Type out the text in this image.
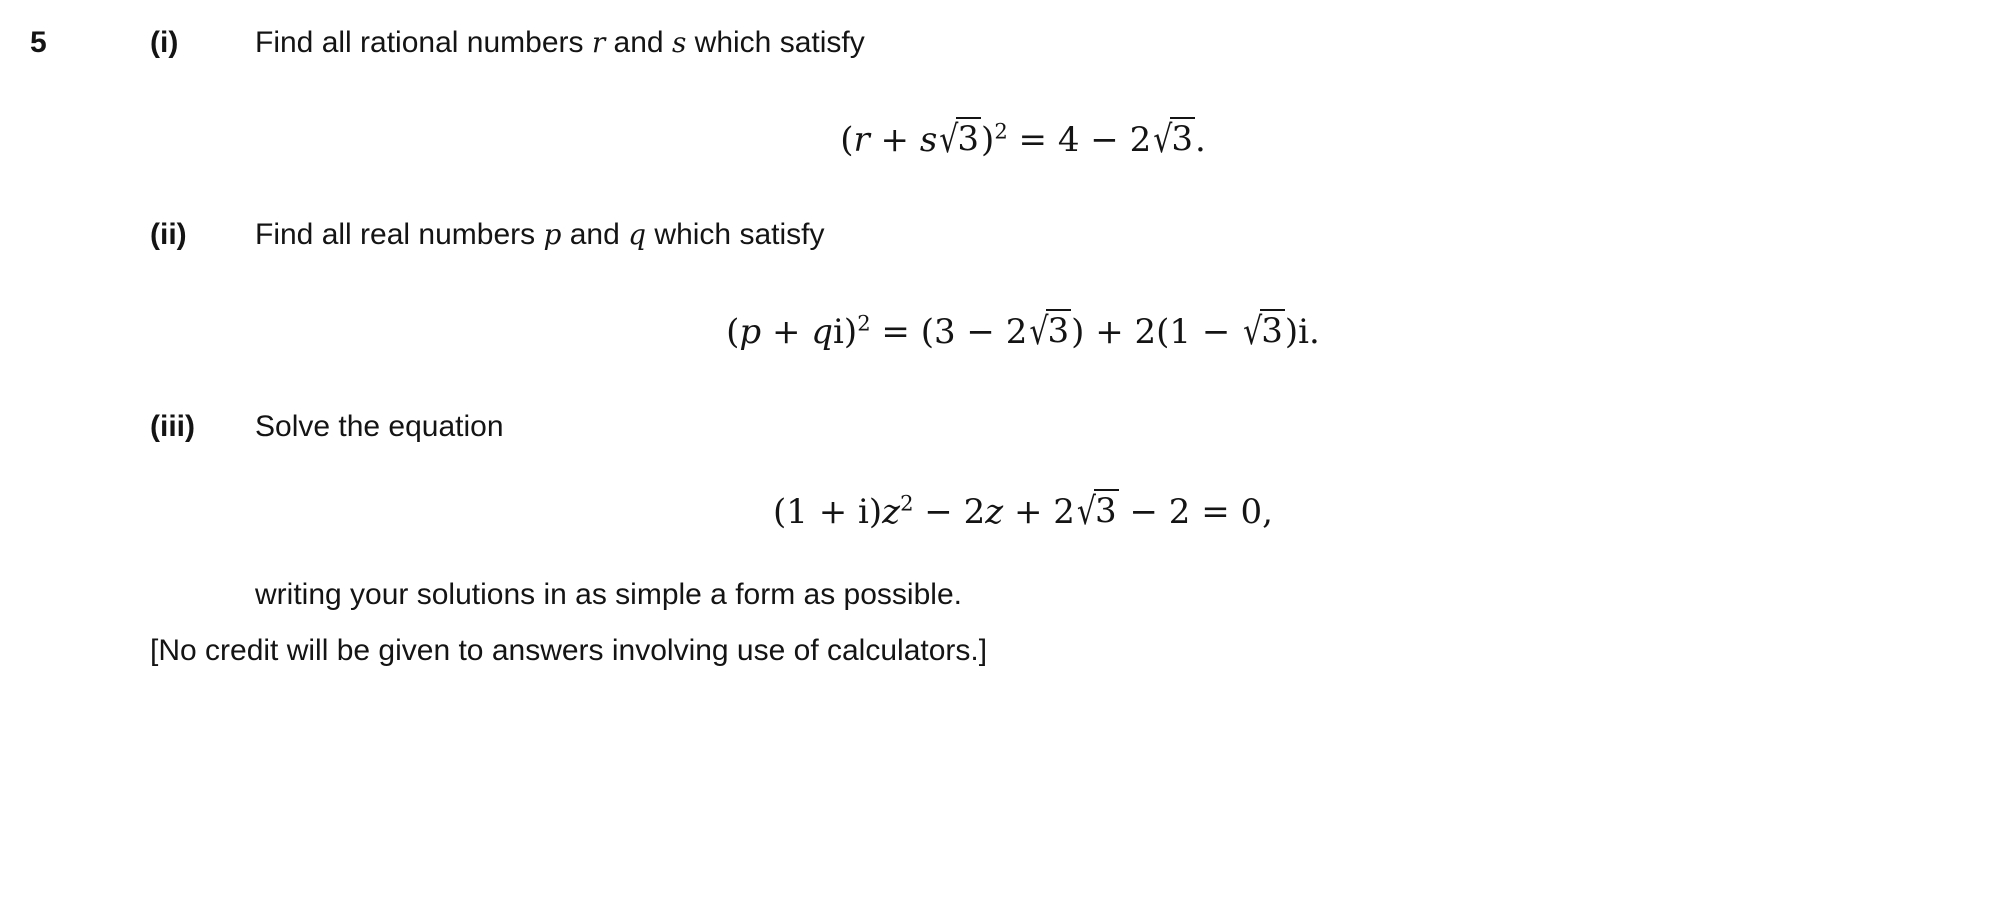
5	(i)	Find all rational numbers r and s which satisfy
$(r + s√3)^2 = 4 - 2√3$.
(ii) Find all real numbers p and q which satisfy
(p + qi)$^2$ = (3 − 2√3) + 2(1 − √3)i.
(iii) Solve the equation
$(1 + i)z^2 - 2z + 2√3 - 2 = 0$,
writing your solutions in as simple a form as possible.
[No credit will be given to answers involving use of calculators.]
